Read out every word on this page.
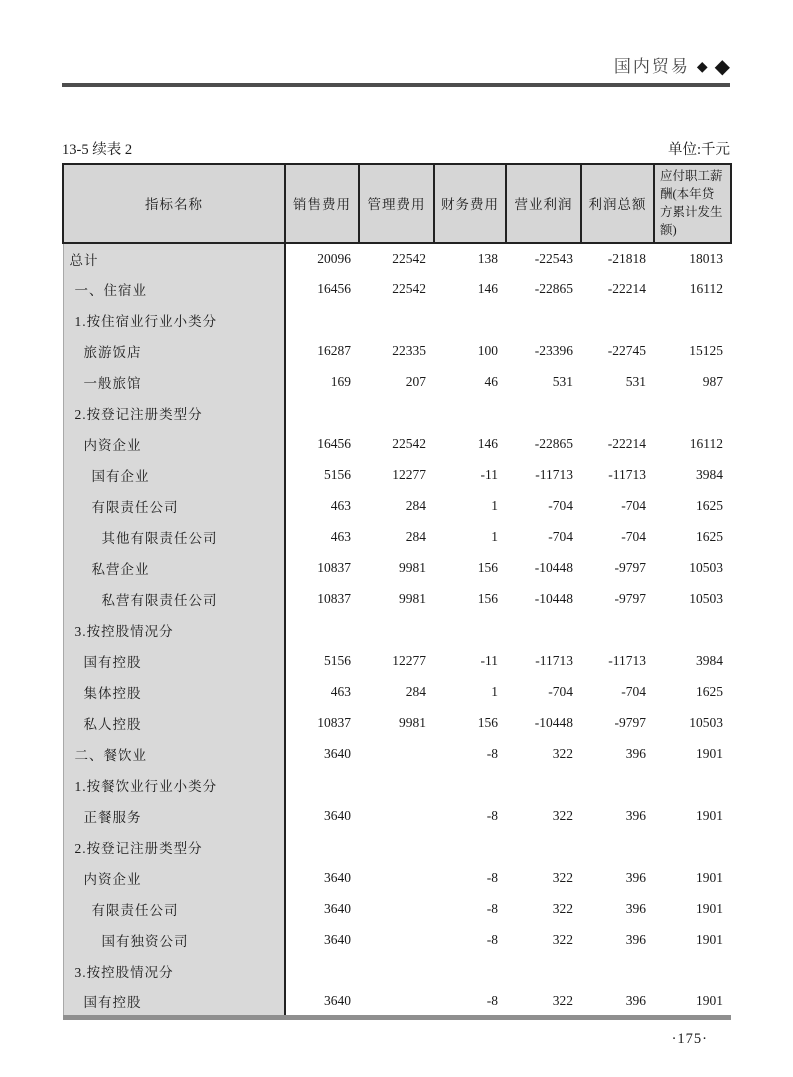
国内贸易 ◆ ◆
13-5 续表 2	单位:千元
指标名称	销售费用	管理费用	财务费用	营业利润	利润总额	应付职工薪酬(本年贷方累计发生额)
总计	20096	22542	138	-22543	-21818	18013
一、住宿业	16456	22542	146	-22865	-22214	16112
1.按住宿业行业小类分						
旅游饭店	16287	22335	100	-23396	-22745	15125
一般旅馆	169	207	46	531	531	987
2.按登记注册类型分						
内资企业	16456	22542	146	-22865	-22214	16112
国有企业	5156	12277	-11	-11713	-11713	3984
有限责任公司	463	284	1	-704	-704	1625
其他有限责任公司	463	284	1	-704	-704	1625
私营企业	10837	9981	156	-10448	-9797	10503
私营有限责任公司	10837	9981	156	-10448	-9797	10503
3.按控股情况分						
国有控股	5156	12277	-11	-11713	-11713	3984
集体控股	463	284	1	-704	-704	1625
私人控股	10837	9981	156	-10448	-9797	10503
二、餐饮业	3640		-8	322	396	1901
1.按餐饮业行业小类分						
正餐服务	3640		-8	322	396	1901
2.按登记注册类型分						
内资企业	3640		-8	322	396	1901
有限责任公司	3640		-8	322	396	1901
国有独资公司	3640		-8	322	396	1901
3.按控股情况分						
国有控股	3640		-8	322	396	1901
·175·
